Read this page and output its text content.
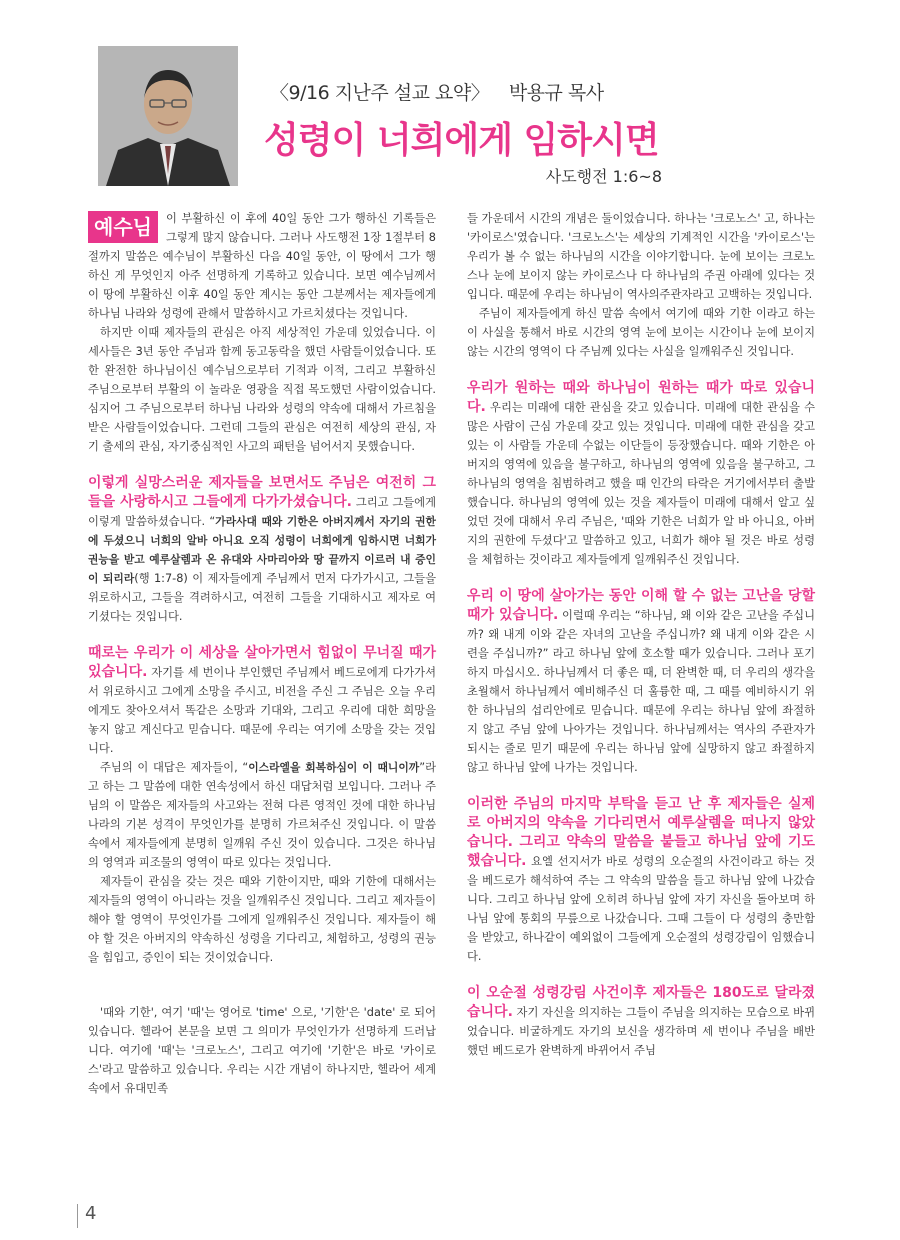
〈9/16 지난주 설교 요약〉 박용규 목사
성령이 너희에게 임하시면
사도행전 1:6~8

예수님	이 부활하신 이 후에 40일 동안 그가 행하신 기록들은 그렇게 많지 않습니다. 그러나 사도행전 1장 1절부터 8절까지 말씀은 예수님이 부활하신 다음 40일 동안, 이 땅에서 그가 행하신 게 무엇인지 아주 선명하게 기록하고 있습니다. 보면 예수님께서 이 땅에 부활하신 이후 40일 동안 계시는 동안 그분께서는 제자들에게 하나님 나라와 성령에 관해서 말씀하시고 가르치셨다는 것입니다.

하지만 이때 제자들의 관심은 아직 세상적인 가운데 있었습니다. 이 세사들은 3년 동안 주님과 함께 동고동락을 했던 사람들이었습니다. 또한 완전한 하나님이신 예수님으로부터 기적과 이적, 그리고 부활하신 주님으로부터 부활의 이 놀라운 영광을 직접 목도했던 사람이었습니다. 심지어 그 주님으로부터 하나님 나라와 성령의 약속에 대해서 가르침을 받은 사람들이었습니다. 그런데 그들의 관심은 여전히 세상의 관심, 자기 출세의 관심, 자기중심적인 사고의 패턴을 넘어서지 못했습니다.

이렇게 실망스러운 제자들을 보면서도 주님은 여전히 그들을 사랑하시고 그들에게 다가가셨습니다. 그리고 그들에게 이렇게 말씀하셨습니다. “가라사대 때와 기한은 아버지께서 자기의 권한에 두셨으니 너희의 알바 아니요 오직 성령이 너희에게 임하시면 너희가 권능을 받고 예루살렘과 온 유대와 사마리아와 땅 끝까지 이르러 내 증인이 되리라(행 1:7-8) 이 제자들에게 주님께서 먼저 다가가시고, 그들을 위로하시고, 그들을 격려하시고, 여전히 그들을 기대하시고 제자로 여기셨다는 것입니다.

때로는 우리가 이 세상을 살아가면서 힘없이 무너질 때가 있습니다. 자기를 세 번이나 부인했던 주님께서 베드로에게 다가가셔서 위로하시고 그에게 소망을 주시고, 비전을 주신 그 주님은 오늘 우리에게도 찾아오셔서 똑같은 소망과 기대와, 그리고 우리에 대한 희망을 놓지 않고 계신다고 믿습니다. 때문에 우리는 여기에 소망을 갖는 것입니다.

주님의 이 대답은 제자들이, “이스라엘을 회복하심이 이 때니이까”라고 하는 그 말씀에 대한 연속성에서 하신 대답처럼 보입니다. 그러나 주님의 이 말씀은 제자들의 사고와는 전혀 다른 영적인 것에 대한 하나님 나라의 기본 성격이 무엇인가를 분명히 가르쳐주신 것입니다. 이 말씀 속에서 제자들에게 분명히 일깨워 주신 것이 있습니다. 그것은 하나님의 영역과 피조물의 영역이 따로 있다는 것입니다.

제자들이 관심을 갖는 것은 때와 기한이지만, 때와 기한에 대해서는 제자들의 영역이 아니라는 것을 일깨워주신 것입니다. 그리고 제자들이 해야 할 영역이 무엇인가를 그에게 일깨워주신 것입니다. 제자들이 해야 할 것은 아버지의 약속하신 성령을 기다리고, 체험하고, 성령의 권능을 힘입고, 증인이 되는 것이었습니다.

'때와 기한', 여기 '때'는 영어로 'time' 으로, '기한'은 'date' 로 되어있습니다. 헬라어 본문을 보면 그 의미가 무엇인가가 선명하게 드러납니다. 여기에 '때'는 '크로노스', 그리고 여기에 '기한'은 바로 '카이로스'라고 말씀하고 있습니다. 우리는 시간 개념이 하나지만, 헬라어 세계 속에서 유대민족

들 가운데서 시간의 개념은 둘이었습니다. 하나는 '크로노스' 고, 하나는 '카이로스'였습니다. '크로노스'는 세상의 기계적인 시간을 '카이로스'는 우리가 볼 수 없는 하나님의 시간을 이야기합니다. 눈에 보이는 크로노스나 눈에 보이지 않는 카이로스나 다 하나님의 주권 아래에 있다는 것입니다. 때문에 우리는 하나님이 역사의주관자라고 고백하는 것입니다.

주님이 제자들에게 하신 말씀 속에서 여기에 때와 기한 이라고 하는 이 사실을 통해서 바로 시간의 영역 눈에 보이는 시간이나 눈에 보이지 않는 시간의 영역이 다 주님께 있다는 사실을 일깨워주신 것입니다.

우리가 원하는 때와 하나님이 원하는 때가 따로 있습니다. 우리는 미래에 대한 관심을 갖고 있습니다. 미래에 대한 관심을 수많은 사람이 근심 가운데 갖고 있는 것입니다. 미래에 대한 관심을 갖고 있는 이 사람들 가운데 수없는 이단들이 등장했습니다. 때와 기한은 아버지의 영역에 있음을 불구하고, 하나님의 영역에 있음을 불구하고, 그 하나님의 영역을 침범하려고 했을 때 인간의 타락은 거기에서부터 출발했습니다. 하나님의 영역에 있는 것을 제자들이 미래에 대해서 알고 싶었던 것에 대해서 우리 주님은, '때와 기한은 너희가 알 바 아니요, 아버지의 권한에 두셨다'고 말씀하고 있고, 너희가 해야 될 것은 바로 성령을 체험하는 것이라고 제자들에게 일깨워주신 것입니다.

우리 이 땅에 살아가는 동안 이해 할 수 없는 고난을 당할때가 있습니다. 이럴때 우리는 “하나님, 왜 이와 같은 고난을 주십니까? 왜 내게 이와 같은 자녀의 고난을 주십니까? 왜 내게 이와 같은 시련을 주십니까?” 라고 하나님 앞에 호소할 때가 있습니다. 그러나 포기하지 마십시오. 하나님께서 더 좋은 때, 더 완벽한 때, 더 우리의 생각을 초월해서 하나님께서 예비해주신 더 훌륭한 때, 그 때를 예비하시기 위한 하나님의 섭리안에로 믿습니다. 때문에 우리는 하나님 앞에 좌절하지 않고 주님 앞에 나아가는 것입니다. 하나님께서는 역사의 주관자가 되시는 줄로 믿기 때문에 우리는 하나님 앞에 실망하지 않고 좌절하지 않고 하나님 앞에 나가는 것입니다.

이러한 주님의 마지막 부탁을 듣고 난 후 제자들은 실제로 아버지의 약속을 기다리면서 예루살렘을 떠나지 않았습니다. 그리고 약속의 말씀을 붙들고 하나님 앞에 기도했습니다. 요엘 선지서가 바로 성령의 오순절의 사건이라고 하는 것을 베드로가 해석하여 주는 그 약속의 말씀을 들고 하나님 앞에 나갔습니다. 그리고 하나님 앞에 오히려 하나님 앞에 자기 자신을 돌아보며 하나님 앞에 통회의 무릎으로 나갔습니다. 그때 그들이 다 성령의 충만함을 받았고, 하나같이 예외없이 그들에게 오순절의 성령강림이 임했습니다.

이 오순절 성령강림 사건이후 제자들은 180도로 달라졌습니다. 자기 자신을 의지하는 그들이 주님을 의지하는 모습으로 바뀌었습니다. 비굴하게도 자기의 보신을 생각하며 세 번이나 주님을 배반했던 베드로가 완벽하게 바뀌어서 주님

4
